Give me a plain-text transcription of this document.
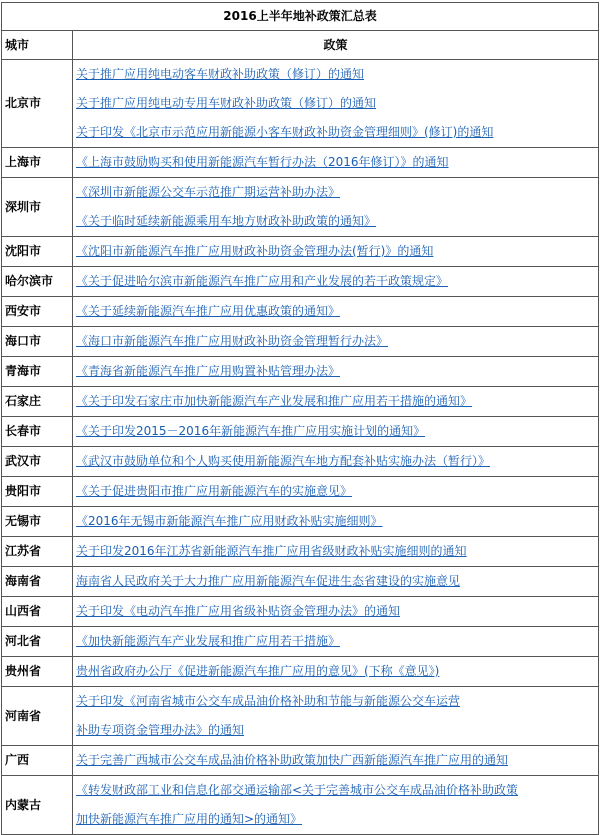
2016上半年地补政策汇总表	
城市	政策
北京市	关于推广应用纯电动客车财政补助政策（修订）的通知
关于推广应用纯电动专用车财政补助政策（修订）的通知
关于印发《北京市示范应用新能源小客车财政补助资金管理细则》(修订)的通知

上海市	《上海市鼓励购买和使用新能源汽车暂行办法（2016年修订）》的通知

深圳市	《深圳市新能源公交车示范推广期运营补助办法》
《关于临时延续新能源乘用车地方财政补助政策的通知》

沈阳市	《沈阳市新能源汽车推广应用财政补助资金管理办法(暂行)》的通知

哈尔滨市	《关于促进哈尔滨市新能源汽车推广应用和产业发展的若干政策规定》

西安市	《关于延续新能源汽车推广应用优惠政策的通知》

海口市	《海口市新能源汽车推广应用财政补助资金管理暂行办法》

青海市	《青海省新能源汽车推广应用购置补贴管理办法》

石家庄	《关于印发石家庄市加快新能源汽车产业发展和推广应用若干措施的通知》

长春市	《关于印发2015－2016年新能源汽车推广应用实施计划的通知》

武汉市	《武汉市鼓励单位和个人购买使用新能源汽车地方配套补贴实施办法（暂行）》

贵阳市	《关于促进贵阳市推广应用新能源汽车的实施意见》

无锡市	《2016年无锡市新能源汽车推广应用财政补贴实施细则》

江苏省	关于印发2016年江苏省新能源汽车推广应用省级财政补贴实施细则的通知

海南省	海南省人民政府关于大力推广应用新能源汽车促进生态省建设的实施意见

山西省	关于印发《电动汽车推广应用省级补贴资金管理办法》的通知

河北省	《加快新能源汽车产业发展和推广应用若干措施》

贵州省	贵州省政府办公厅《促进新能源汽车推广应用的意见》(下称《意见》)

河南省	关于印发《河南省城市公交车成品油价格补助和节能与新能源公交车运营
补助专项资金管理办法》的通知

广西	关于完善广西城市公交车成品油价格补助政策加快广西新能源汽车推广应用的通知

内蒙古	《转发财政部工业和信息化部交通运输部<关于完善城市公交车成品油价格补助政策
加快新能源汽车推广应用的通知>的通知》
